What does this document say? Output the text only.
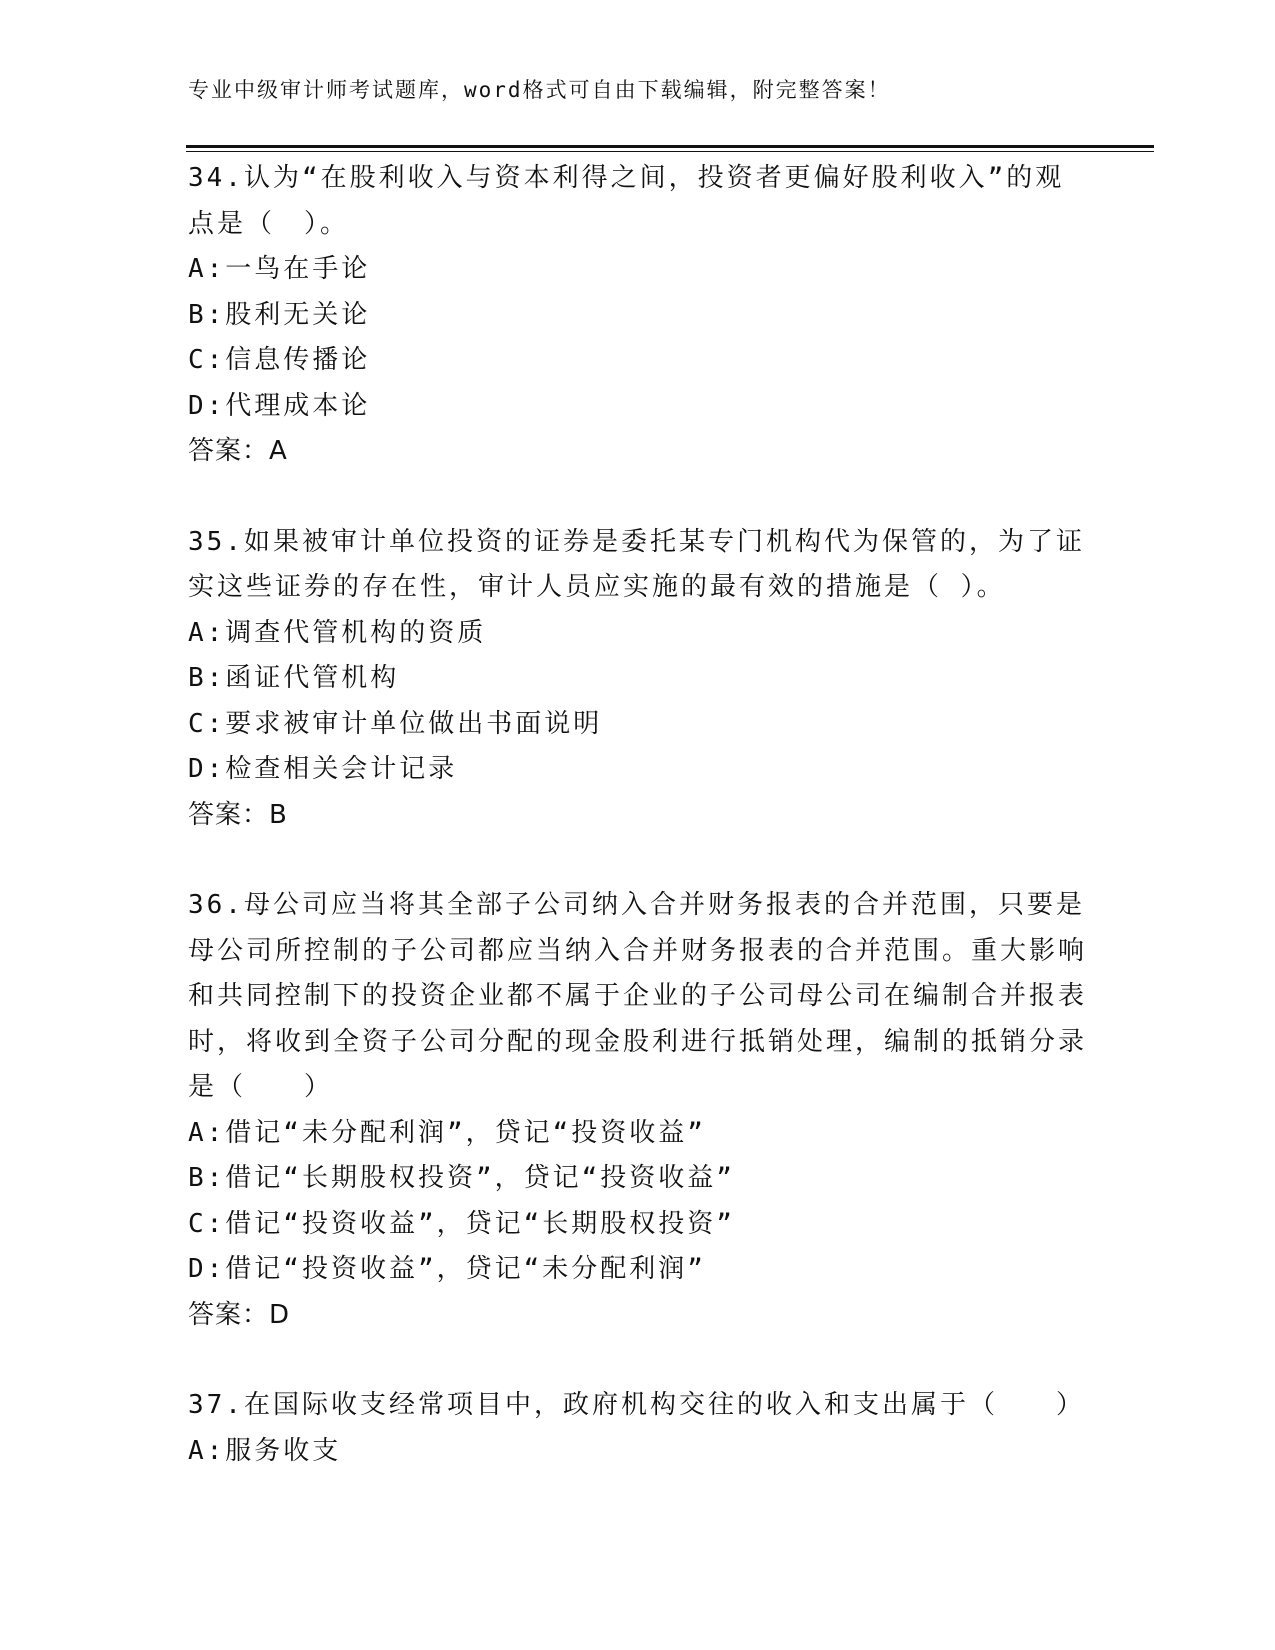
专业中级审计师考试题库，word格式可自由下载编辑，附完整答案！

34.认为“在股利收入与资本利得之间，投资者更偏好股利收入”的观点是（　）。

A:一鸟在手论

B:股利无关论

C:信息传播论

D:代理成本论

答案：A

35.如果被审计单位投资的证券是委托某专门机构代为保管的，为了证实这些证券的存在性，审计人员应实施的最有效的措施是（ ）。

A:调查代管机构的资质

B:函证代管机构

C:要求被审计单位做出书面说明

D:检查相关会计记录

答案：B

36.母公司应当将其全部子公司纳入合并财务报表的合并范围，只要是母公司所控制的子公司都应当纳入合并财务报表的合并范围。重大影响和共同控制下的投资企业都不属于企业的子公司母公司在编制合并报表时，将收到全资子公司分配的现金股利进行抵销处理，编制的抵销分录是（　　）

A:借记“未分配利润”，贷记“投资收益”

B:借记“长期股权投资”，贷记“投资收益”

C:借记“投资收益”，贷记“长期股权投资”

D:借记“投资收益”，贷记“未分配利润”

答案：D

37.在国际收支经常项目中，政府机构交往的收入和支出属于（　　）

A:服务收支
